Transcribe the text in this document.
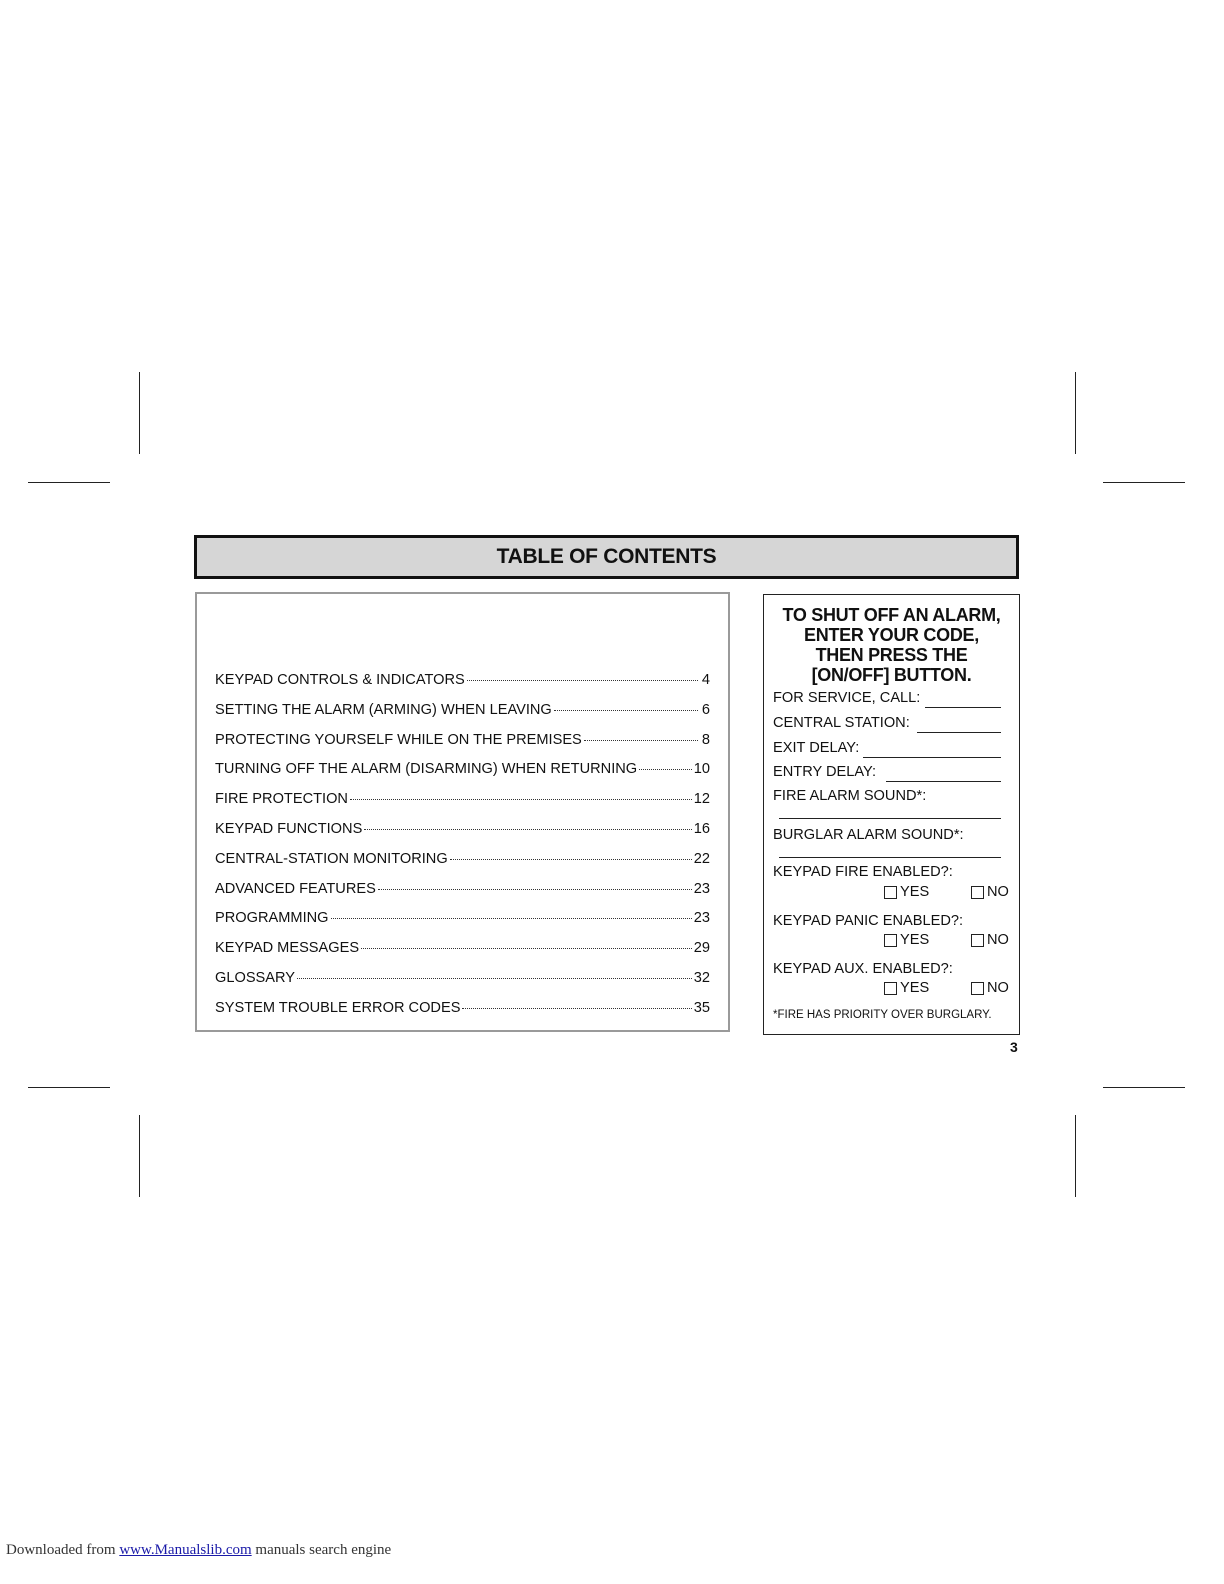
TABLE OF CONTENTS
KEYPAD CONTROLS & INDICATORS	4
SETTING THE ALARM (ARMING) WHEN LEAVING	6
PROTECTING YOURSELF WHILE ON THE PREMISES	8
TURNING OFF THE ALARM (DISARMING) WHEN RETURNING	10
FIRE PROTECTION	12
KEYPAD FUNCTIONS	16
CENTRAL-STATION MONITORING	22
ADVANCED FEATURES	23
PROGRAMMING	23
KEYPAD MESSAGES	29
GLOSSARY	32
SYSTEM TROUBLE ERROR CODES	35
TO SHUT OFF AN ALARM,
ENTER YOUR CODE,
THEN PRESS THE
[ON/OFF] BUTTON.
FOR SERVICE, CALL:
CENTRAL STATION:
EXIT DELAY:
ENTRY DELAY:
FIRE ALARM SOUND*:
BURGLAR ALARM SOUND*:
KEYPAD FIRE ENABLED?:
YES	NO
KEYPAD PANIC ENABLED?:
YES	NO
KEYPAD AUX. ENABLED?:
YES	NO
*FIRE HAS PRIORITY OVER BURGLARY.
3
Downloaded from www.Manualslib.com manuals search engine
